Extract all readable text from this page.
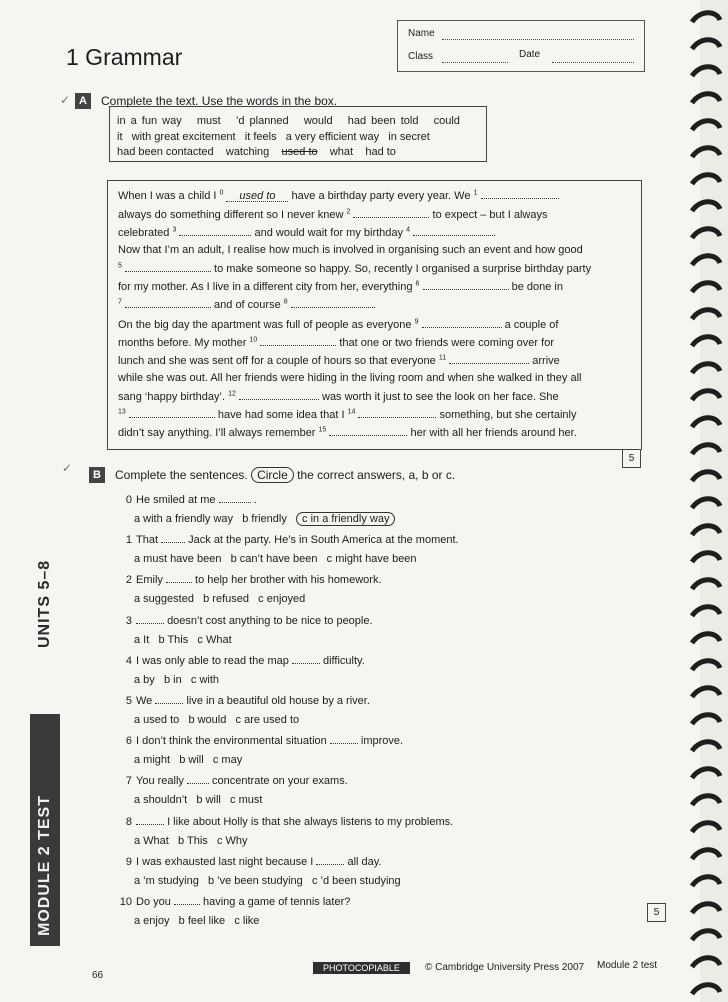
Name
Class	Date
1 Grammar
✓ A	Complete the text. Use the words in the box.
in a fun way must ’d planned would had been told could
it with great excitement it feels a very efficient way in secret
had been contacted watching used to what had to
When I was a child I $^0$ used to have a birthday party every year. We $^1$
always do something different so I never knew $^2$	to expect – but I always
celebrated $^3$	and would wait for my birthday $^4$	.
Now that I’m an adult, I realise how much is involved in organising such an event and how good
$^5$	to make someone so happy. So, recently I organised a surprise birthday party
for my mother. As I live in a different city from her, everything $^6$	be done in
$^7$	and of course $^8$	.
On the big day the apartment was full of people as everyone $^9$	a couple of
months before. My mother $^{10}$	that one or two friends were coming over for
lunch and she was sent off for a couple of hours so that everyone $^{11}$	arrive
while she was out. All her friends were hiding in the living room and when she walked in they all
sang ‘happy birthday’. $^{12}$	was worth it just to see the look on her face. She
$^{13}$	have had some idea that I $^{14}$	something, but she certainly
didn’t say anything. I’ll always remember $^{15}$	her with all her friends around her.
5
✓	B	Complete the sentences. Circle the correct answers, a, b or c.
0 He smiled at me	.
a with a friendly way b friendly c in a friendly way
1 That	Jack at the party. He’s in South America at the moment.
a must have been b can’t have been c might have been
2 Emily	to help her brother with his homework.
a suggested b refused c enjoyed
3	doesn’t cost anything to be nice to people.
a It b This c What
4 I was only able to read the map	difficulty.
a by b in c with
5 We	live in a beautiful old house by a river.
a used to b would c are used to
6 I don’t think the environmental situation	improve.
a might b will c may
7 You really	concentrate on your exams.
a shouldn’t b will c must
8	I like about Holly is that she always listens to my problems.
a What b This c Why
9 I was exhausted last night because I	all day.
a ’m studying b ’ve been studying c ’d been studying
10 Do you	having a game of tennis later?
a enjoy b feel like c like
5
UNITS 5–8
MODULE 2 TEST
66
PHOTOCOPIABLE	© Cambridge University Press 2007 Module 2 test
